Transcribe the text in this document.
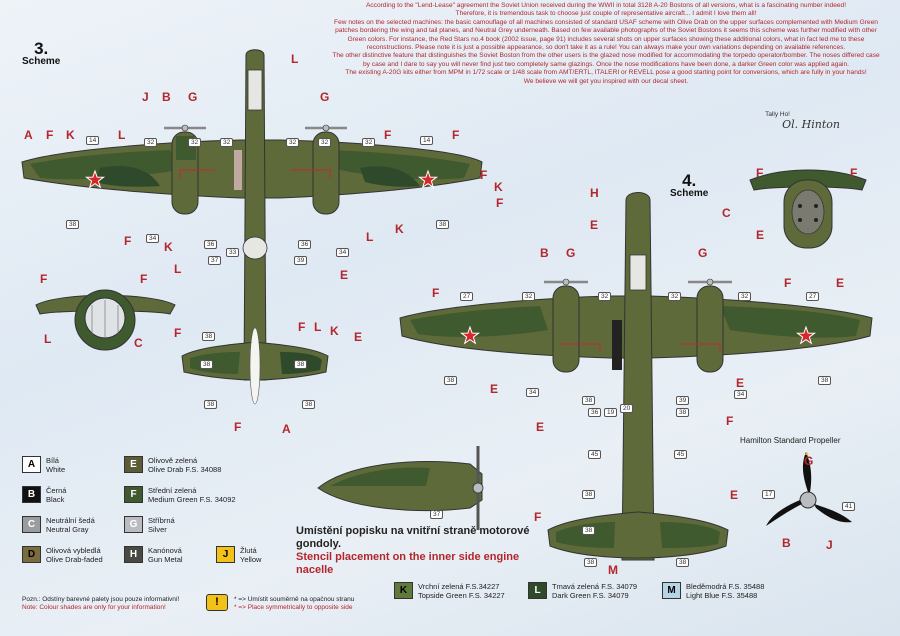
According to the "Lend-Lease" agreement the Soviet Union received during the WWII in total 3128 A-20 Bostons of all versions, what is a fascinating number indeed!

Therefore, it is tremendous task to choose just couple of representative aircraft... I admit I love them all!

Few notes on the selected machines: the basic camouflage of all machines consisted of standard USAF scheme with Olive Drab on the upper surfaces complemented with Medium Green patches bordering the wing and tail planes, and Neutral Grey underneath. Based on few available photographs of the Soviet Bostons it seems this scheme was further modified with other Green colors. For instance, the Red Stars no.4 book (2002 issue, page 91) includes several shots on upper surfaces showing these additional colors, what in fact led me to these reconstructions. Please note it is just a possible appearance, so don't take it as a rule! You can always make your own variations depending on available references.

The other distinctive feature that distinguishes the Soviet Boston from the other users is the glazed nose modified for accommodating the torpedo operator/bomber. The noses differed case by case and I dare to say you will never find just two completely same glazings. Once the nose modifications have been done, a darker Green color was applied again.

The existing A-20G kits either from MPM in 1/72 scale or 1/48 scale from AMT/ERTL, ITALERI or REVELL pose a good starting point for conversions, which are fully in your hands!

We believe we will get you inspired with our decal sheet.

Tally Ho!
Ol. Hinton
3.
Scheme
4.
Scheme
L
J B G	G
A F K	L	F	F
F
K
F
K
L
E
F
F	F
L	C
L
K
F	F L K E
F	A
H
E
B G	G
F
F	E
E	E
E	F
F
E
M
F	F
C
E
G
B	J
14	32	32	32	32	32	14
32
38
34
36
37
33
36
39
38
34
38
38
38	38
27	32	32	32	32	27
38
34
38
36	19
20
39
38
34
38
45	45
38
38
38	38
37
17
41
38
Hamilton Standard Propeller
Umístění popisku na vnitřní straně motorové gondoly.
Stencil placement on the inner side engine nacelle
A	Bílá
White
B	Černá
Black
C	Neutrální šedá
Neutral Gray
D	Olivová vybledlá
Olive Drab-faded
E	Olivově zelená
Olive Drab F.S. 34088
F	Střední zelená
Medium Green F.S. 34092
G	Stříbrná
Silver
H	Kanónová
Gun Metal	J	Žlutá
Yellow
K	Vrchní zelená F.S.34227
Topside Green F.S. 34227	L	Tmavá zelená F.S. 34079
Dark Green F.S. 34079	M	Bleděmodrá F.S. 35488
Light Blue F.S. 35488
Pozn.: Odstíny barevné palety jsou pouze informativní!
Note: Colour shades are only for your information!	!	* => Umístit souměrně na opačnou stranu
* => Place symmetrically to opposite side
